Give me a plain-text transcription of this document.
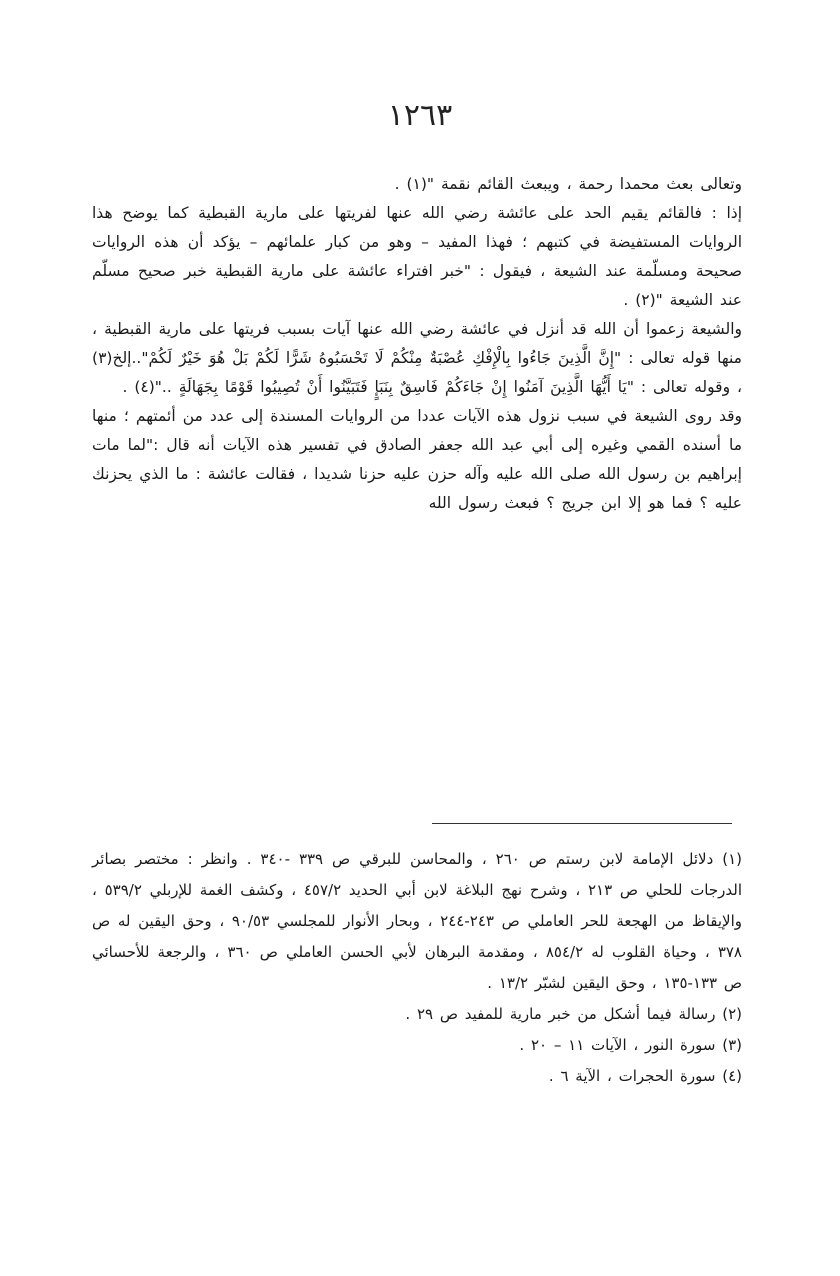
١٢٦٣

وتعالى بعث محمدا رحمة ، ويبعث القائم نقمة "(١) .

إذا : فالقائم يقيم الحد على عائشة رضي الله عنها لفريتها على مارية القبطية كما يوضح هذا الروايات المستفيضة في كتبهم ؛ فهذا المفيد – وهو من كبار علمائهم – يؤكد أن هذه الروايات صحيحة ومسلّمة عند الشيعة ، فيقول : "خبر افتراء عائشة على مارية القبطية خبر صحيح مسلّم عند الشيعة "(٢) .

والشيعة زعموا أن الله قد أنزل في عائشة رضي الله عنها آيات بسبب فريتها على مارية القبطية ، منها قوله تعالى : "إِنَّ الَّذِينَ جَاءُوا بِالْإِفْكِ عُصْبَةٌ مِنْكُمْ لَا تَحْسَبُوهُ شَرًّا لَكُمْ بَلْ هُوَ خَيْرٌ لَكُمْ"..إلخ(٣) ، وقوله تعالى : "يَا أَيُّهَا الَّذِينَ آمَنُوا إِنْ جَاءَكُمْ فَاسِقٌ بِنَبَإٍ فَتَبَيَّنُوا أَنْ تُصِيبُوا قَوْمًا بِجَهَالَةٍ .."(٤) .

وقد روى الشيعة في سبب نزول هذه الآيات عددا من الروايات المسندة إلى عدد من أئمتهم ؛ منها ما أسنده القمي وغيره إلى أبي عبد الله جعفر الصادق في تفسير هذه الآيات أنه قال :"لما مات إبراهيم بن رسول الله صلى الله عليه وآله حزن عليه حزنا شديدا ، فقالت عائشة : ما الذي يحزنك عليه ؟ فما هو إلا ابن جريج ؟ فبعث رسول الله

(١) دلائل الإمامة لابن رستم ص ٢٦٠ ، والمحاسن للبرقي ص ٣٣٩ -٣٤٠ . وانظر : مختصر بصائر الدرجات للحلي ص ٢١٣ ، وشرح نهج البلاغة لابن أبي الحديد ٤٥٧/٢ ، وكشف الغمة للإربلي ٥٣٩/٢ ، والإيقاظ من الهجعة للحر العاملي ص ٢٤٣-٢٤٤ ، وبحار الأنوار للمجلسي ٩٠/٥٣ ، وحق اليقين له ص ٣٧٨ ، وحياة القلوب له ٨٥٤/٢ ، ومقدمة البرهان لأبي الحسن العاملي ص ٣٦٠ ، والرجعة للأحسائي ص ١٣٣-١٣٥ ، وحق اليقين لشبّر ١٣/٢ .

(٢) رسالة فيما أشكل من خبر مارية للمفيد ص ٢٩ .

(٣) سورة النور ، الآيات ١١ – ٢٠ .

(٤) سورة الحجرات ، الآية ٦ .
